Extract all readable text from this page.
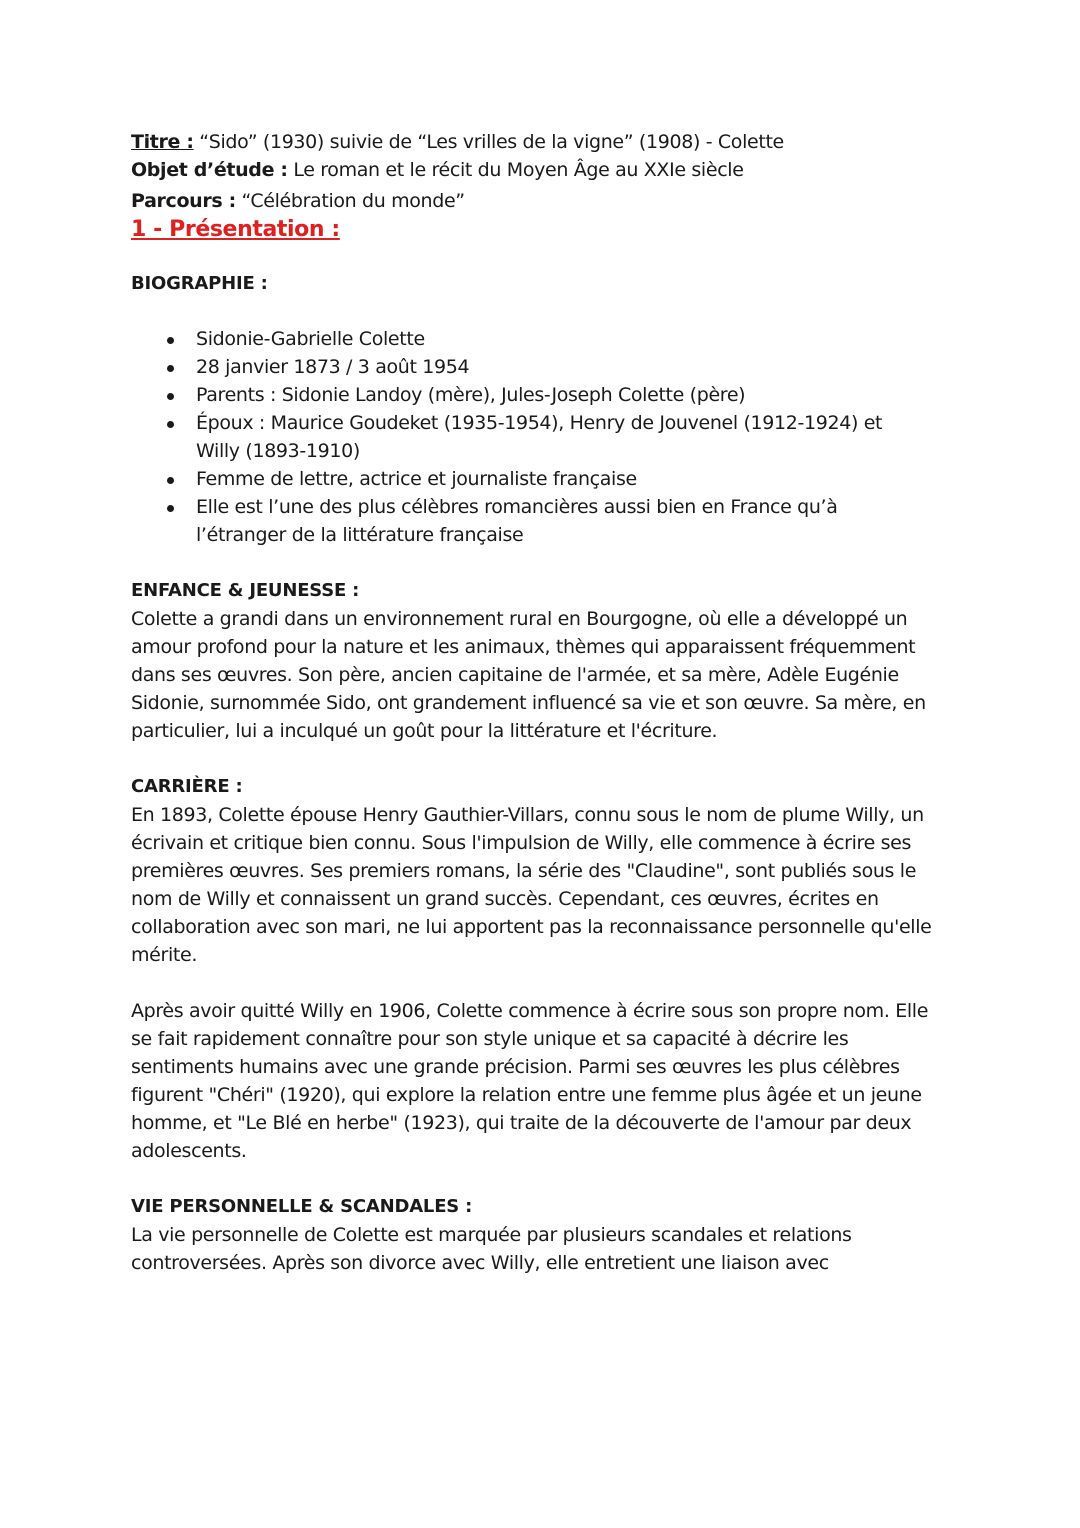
Titre : “Sido” (1930) suivie de “Les vrilles de la vigne” (1908) - Colette

Objet d’étude : Le roman et le récit du Moyen Âge au XXIe siècle

Parcours : “Célébration du monde”

1 - Présentation :

BIOGRAPHIE :

Sidonie-Gabrielle Colette
28 janvier 1873 / 3 août 1954
Parents : Sidonie Landoy (mère), Jules-Joseph Colette (père)
Époux : Maurice Goudeket (1935-1954), Henry de Jouvenel (1912-1924) et Willy (1893-1910)
Femme de lettre, actrice et journaliste française
Elle est l’une des plus célèbres romancières aussi bien en France qu’à l’étranger de la littérature française

ENFANCE & JEUNESSE :

Colette a grandi dans un environnement rural en Bourgogne, où elle a développé un amour profond pour la nature et les animaux, thèmes qui apparaissent fréquemment dans ses œuvres. Son père, ancien capitaine de l'armée, et sa mère, Adèle Eugénie Sidonie, surnommée Sido, ont grandement influencé sa vie et son œuvre. Sa mère, en particulier, lui a inculqué un goût pour la littérature et l'écriture.

CARRIÈRE :

En 1893, Colette épouse Henry Gauthier-Villars, connu sous le nom de plume Willy, un écrivain et critique bien connu. Sous l'impulsion de Willy, elle commence à écrire ses premières œuvres. Ses premiers romans, la série des "Claudine", sont publiés sous le nom de Willy et connaissent un grand succès. Cependant, ces œuvres, écrites en collaboration avec son mari, ne lui apportent pas la reconnaissance personnelle qu'elle mérite.

Après avoir quitté Willy en 1906, Colette commence à écrire sous son propre nom. Elle se fait rapidement connaître pour son style unique et sa capacité à décrire les sentiments humains avec une grande précision. Parmi ses œuvres les plus célèbres figurent "Chéri" (1920), qui explore la relation entre une femme plus âgée et un jeune homme, et "Le Blé en herbe" (1923), qui traite de la découverte de l'amour par deux adolescents.

VIE PERSONNELLE & SCANDALES :

La vie personnelle de Colette est marquée par plusieurs scandales et relations controversées. Après son divorce avec Willy, elle entretient une liaison avec
